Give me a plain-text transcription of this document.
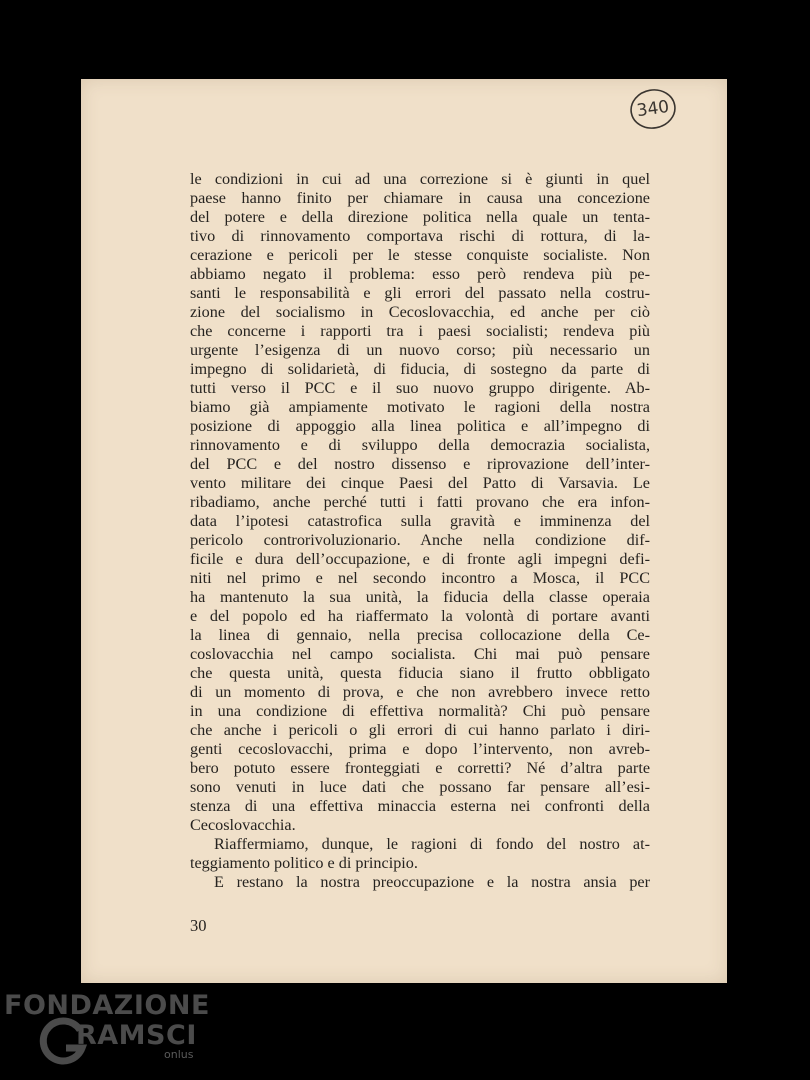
340
le condizioni in cui ad una correzione si è giunti in quel
paese hanno finito per chiamare in causa una concezione
del potere e della direzione politica nella quale un tenta-
tivo di rinnovamento comportava rischi di rottura, di la-
cerazione e pericoli per le stesse conquiste socialiste. Non
abbiamo negato il problema: esso però rendeva più pe-
santi le responsabilità e gli errori del passato nella costru-
zione del socialismo in Cecoslovacchia, ed anche per ciò
che concerne i rapporti tra i paesi socialisti; rendeva più
urgente l’esigenza di un nuovo corso; più necessario un
impegno di solidarietà, di fiducia, di sostegno da parte di
tutti verso il PCC e il suo nuovo gruppo dirigente. Ab-
biamo già ampiamente motivato le ragioni della nostra
posizione di appoggio alla linea politica e all’impegno di
rinnovamento e di sviluppo della democrazia socialista,
del PCC e del nostro dissenso e riprovazione dell’inter-
vento militare dei cinque Paesi del Patto di Varsavia. Le
ribadiamo, anche perché tutti i fatti provano che era infon-
data l’ipotesi catastrofica sulla gravità e imminenza del
pericolo controrivoluzionario. Anche nella condizione dif-
ficile e dura dell’occupazione, e di fronte agli impegni defi-
niti nel primo e nel secondo incontro a Mosca, il PCC
ha mantenuto la sua unità, la fiducia della classe operaia
e del popolo ed ha riaffermato la volontà di portare avanti
la linea di gennaio, nella precisa collocazione della Ce-
coslovacchia nel campo socialista. Chi mai può pensare
che questa unità, questa fiducia siano il frutto obbligato
di un momento di prova, e che non avrebbero invece retto
in una condizione di effettiva normalità? Chi può pensare
che anche i pericoli o gli errori di cui hanno parlato i diri-
genti cecoslovacchi, prima e dopo l’intervento, non avreb-
bero potuto essere fronteggiati e corretti? Né d’altra parte
sono venuti in luce dati che possano far pensare all’esi-
stenza di una effettiva minaccia esterna nei confronti della
Cecoslovacchia.
Riaffermiamo, dunque, le ragioni di fondo del nostro at-
teggiamento politico e di principio.
E restano la nostra preoccupazione e la nostra ansia per
30
FONDAZIONE
RAMSCI
onlus
